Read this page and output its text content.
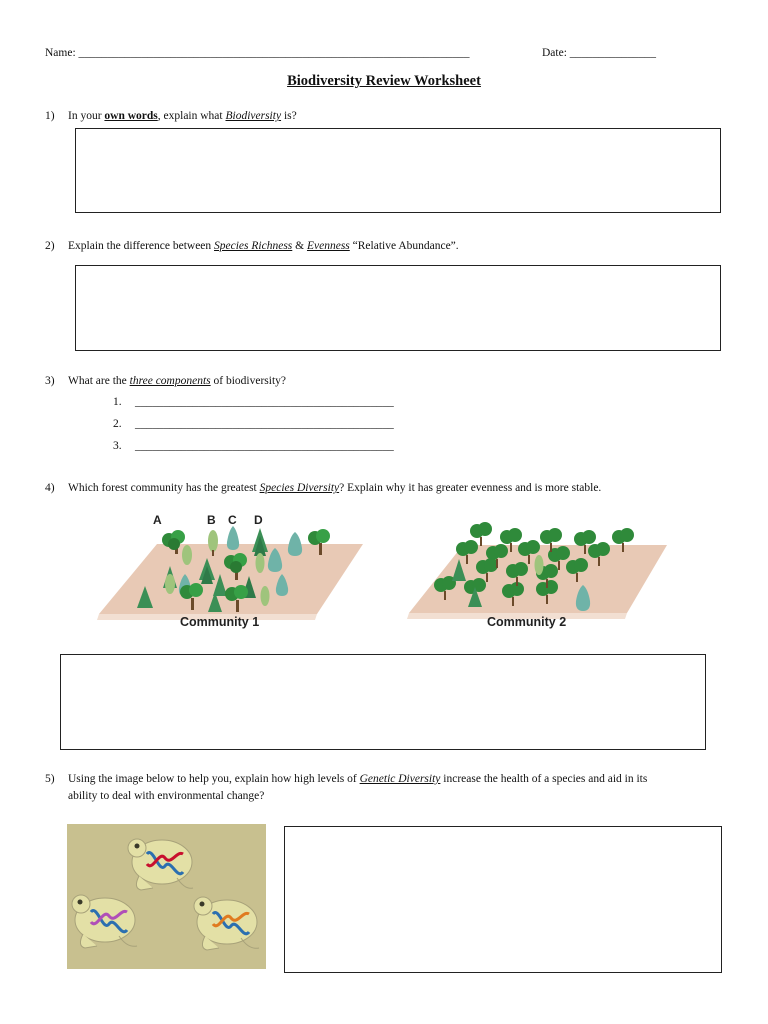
Name: ____________________________________________________________________	Date: _______________
Biodiversity Review Worksheet
1) In your own words, explain what Biodiversity is?
2) Explain the difference between Species Richness & Evenness “Relative Abundance”.
3) What are the three components of biodiversity?
1. _____________________________________________
2. _____________________________________________
3. _____________________________________________
4) Which forest community has the greatest Species Diversity? Explain why it has greater evenness and is more stable.
A	B C D
Community 1	Community 2
5) Using the image below to help you, explain how high levels of Genetic Diversity increase the health of a species and aid in its
ability to deal with environmental change?
